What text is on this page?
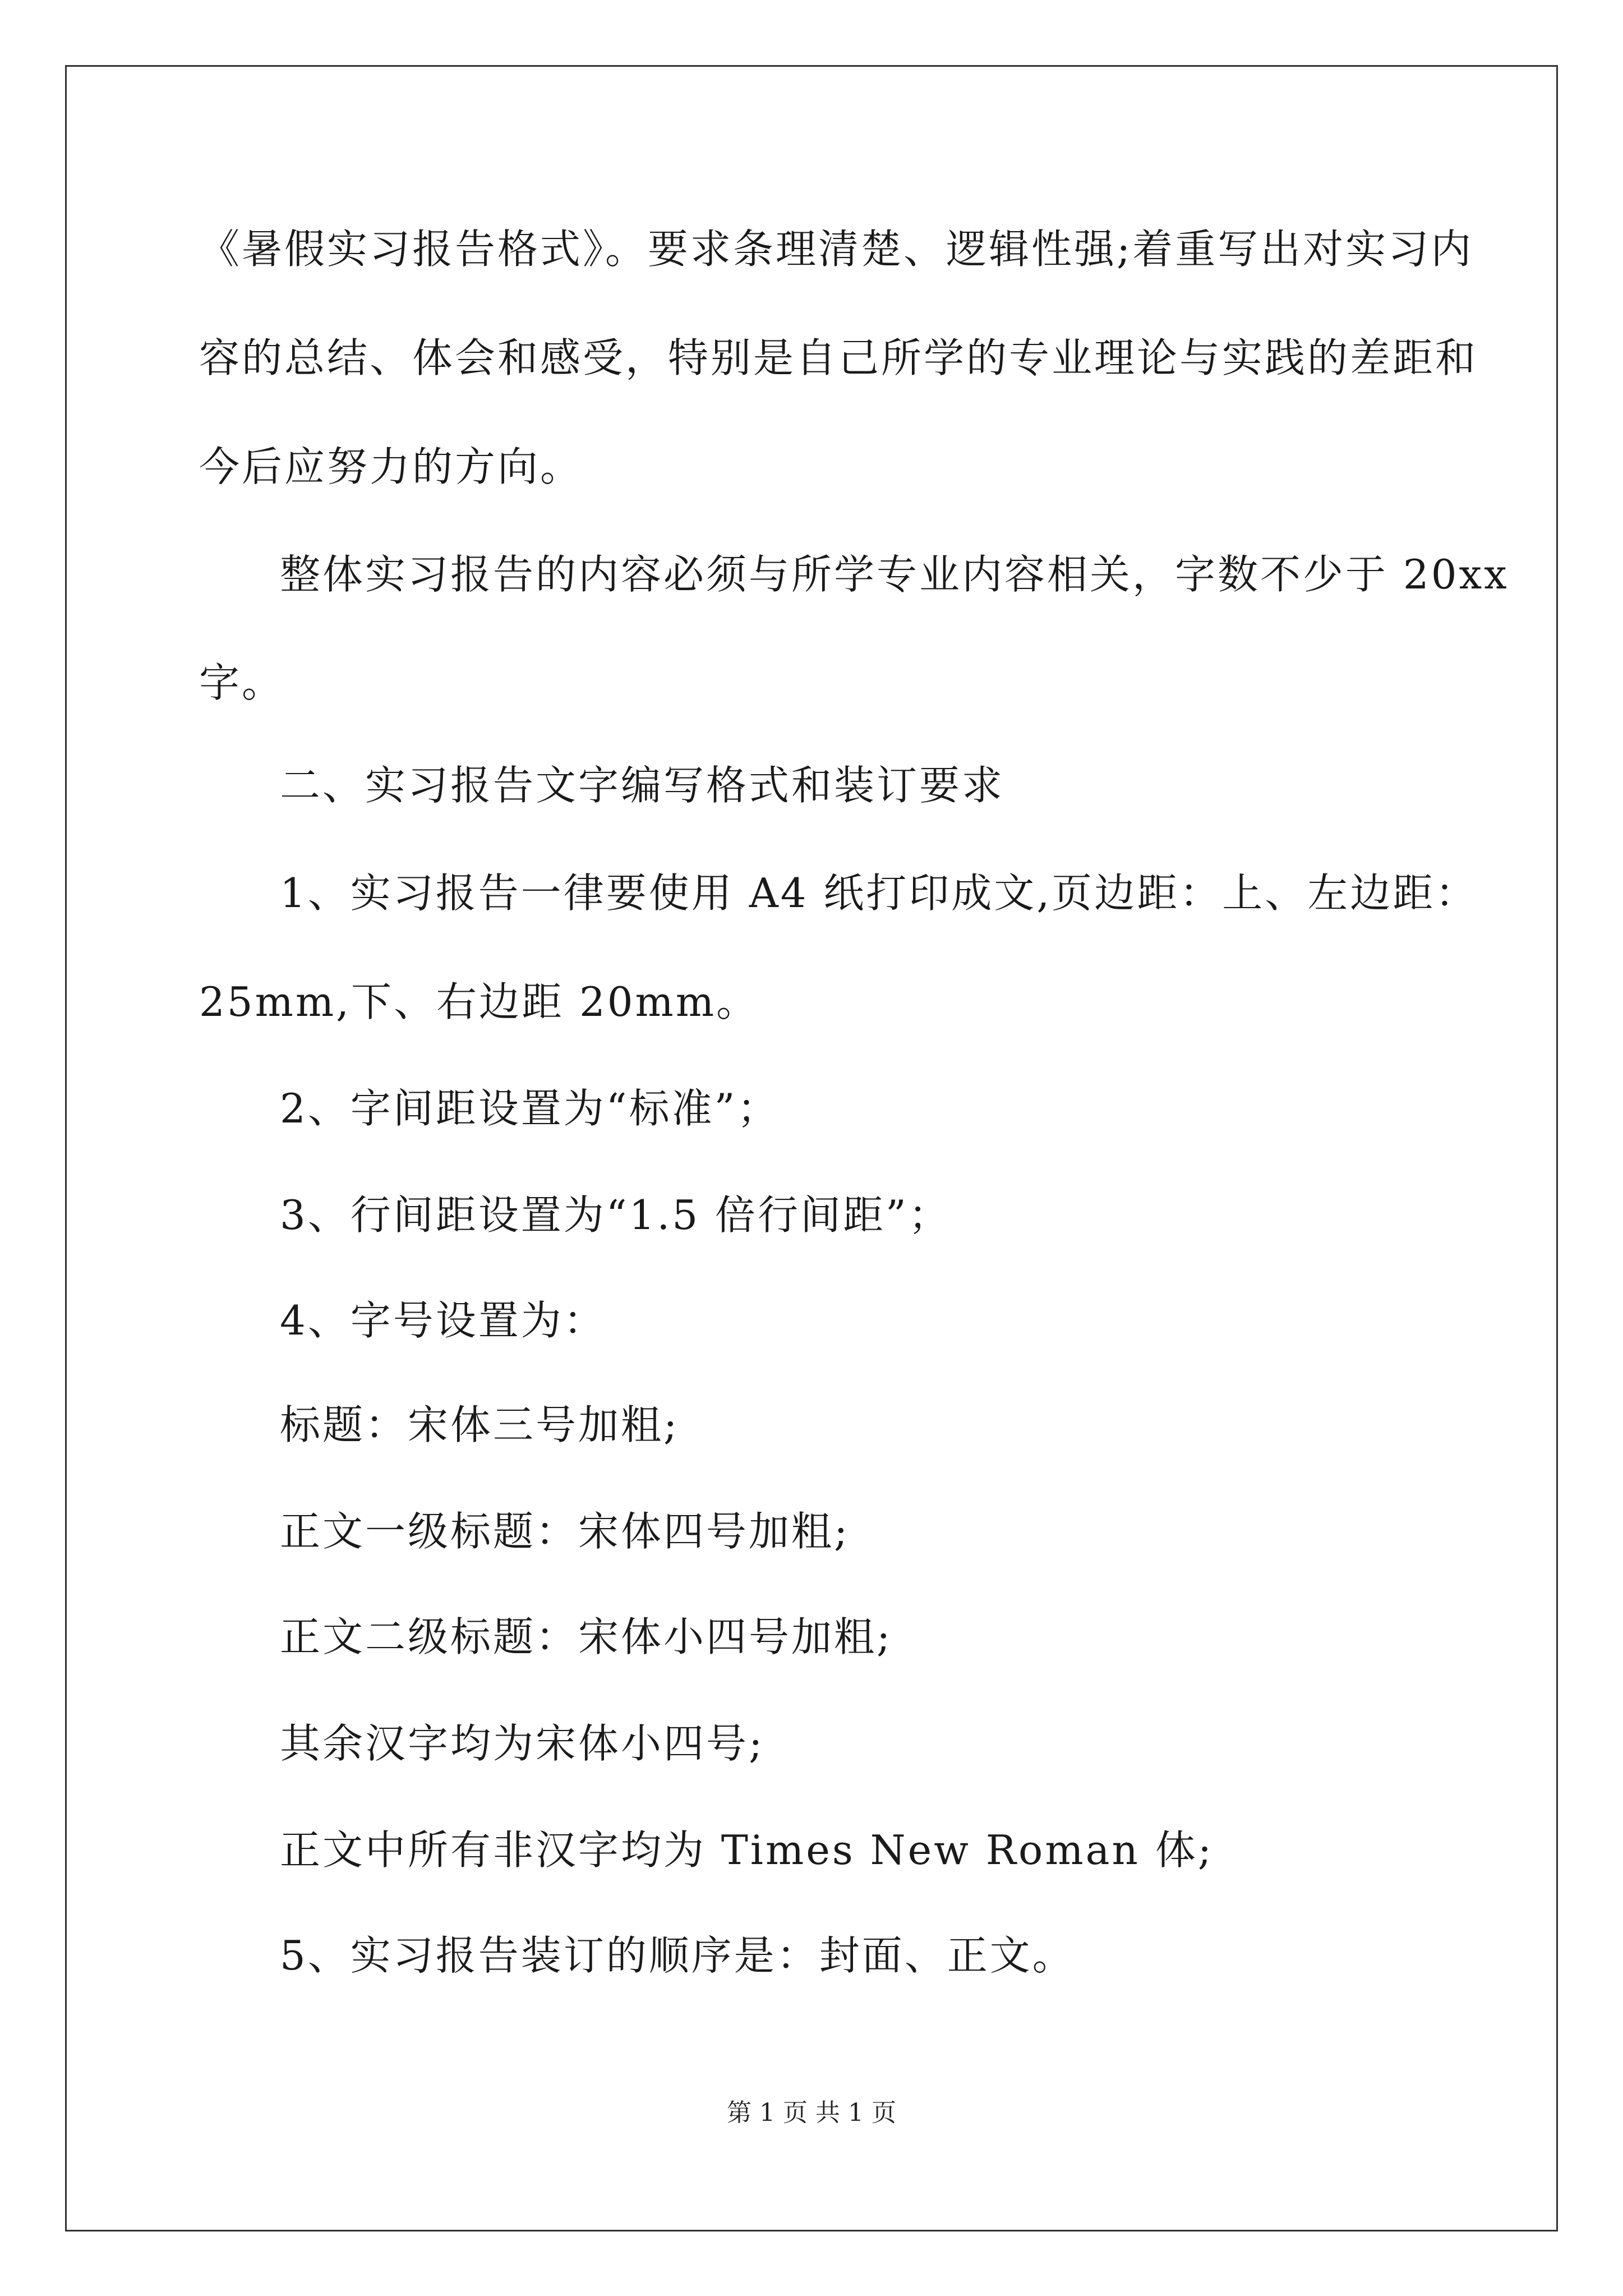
《暑假实习报告格式》。要求条理清楚、逻辑性强;着重写出对实习内
容的总结、体会和感受，特别是自己所学的专业理论与实践的差距和
今后应努力的方向。
整体实习报告的内容必须与所学专业内容相关，字数不少于 20xx
字。
二、实习报告文字编写格式和装订要求
1、实习报告一律要使用 A4 纸打印成文,页边距：上、左边距：
25mm,下、右边距 20mm。
2、字间距设置为“标准”；
3、行间距设置为“1.5 倍行间距”；
4、字号设置为：
标题：宋体三号加粗;
正文一级标题：宋体四号加粗;
正文二级标题：宋体小四号加粗;
其余汉字均为宋体小四号;
正文中所有非汉字均为 Times New Roman 体;
5、实习报告装订的顺序是：封面、正文。
第 1 页 共 1 页
